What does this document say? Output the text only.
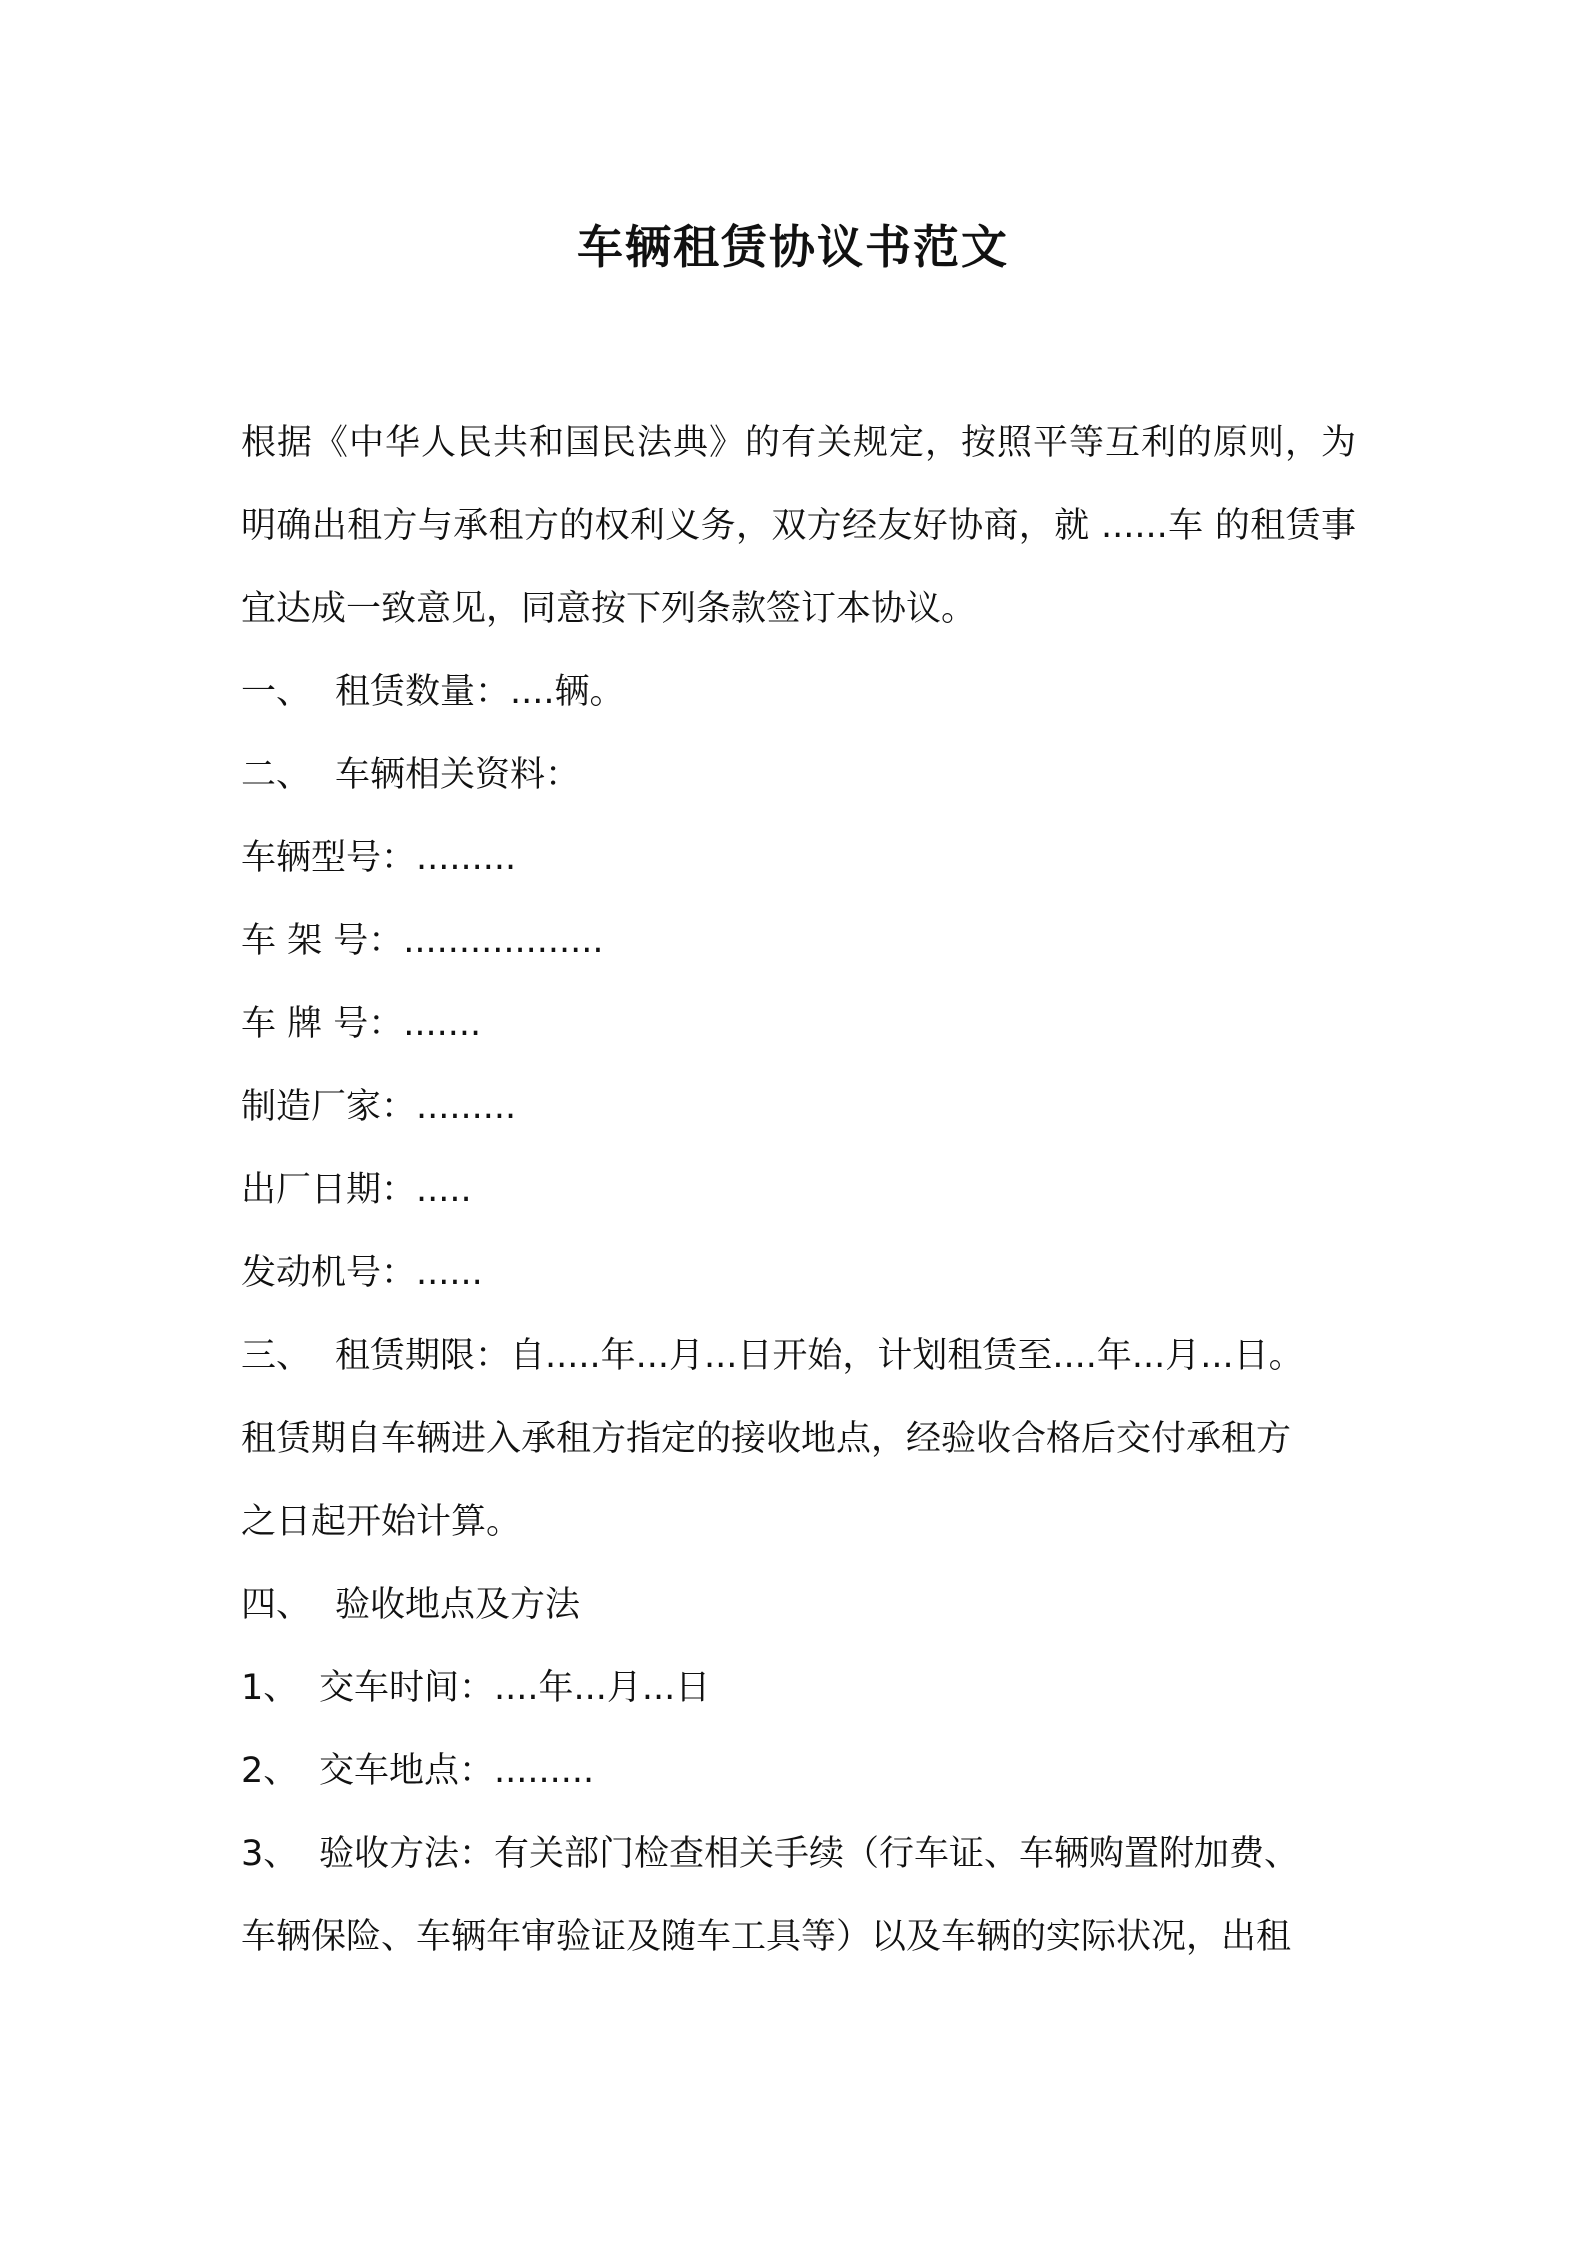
车辆租赁协议书范文

根据《中华人民共和国民法典》的有关规定，按照平等互利的原则，为明确出租方与承租方的权利义务，双方经友好协商，就 ......车 的租赁事宜达成一致意见，同意按下列条款签订本协议。

一、 租赁数量：....辆。

二、 车辆相关资料：

车辆型号：.........

车 架 号：..................

车 牌 号：.......

制造厂家：.........

出厂日期：.....

发动机号：......

三、 租赁期限：自.....年...月...日开始，计划租赁至....年...月...日。

租赁期自车辆进入承租方指定的接收地点，经验收合格后交付承租方

之日起开始计算。

四、 验收地点及方法

1、 交车时间：....年...月...日

2、 交车地点：.........

3、 验收方法：有关部门检查相关手续（行车证、车辆购置附加费、

车辆保险、车辆年审验证及随车工具等）以及车辆的实际状况，出租
